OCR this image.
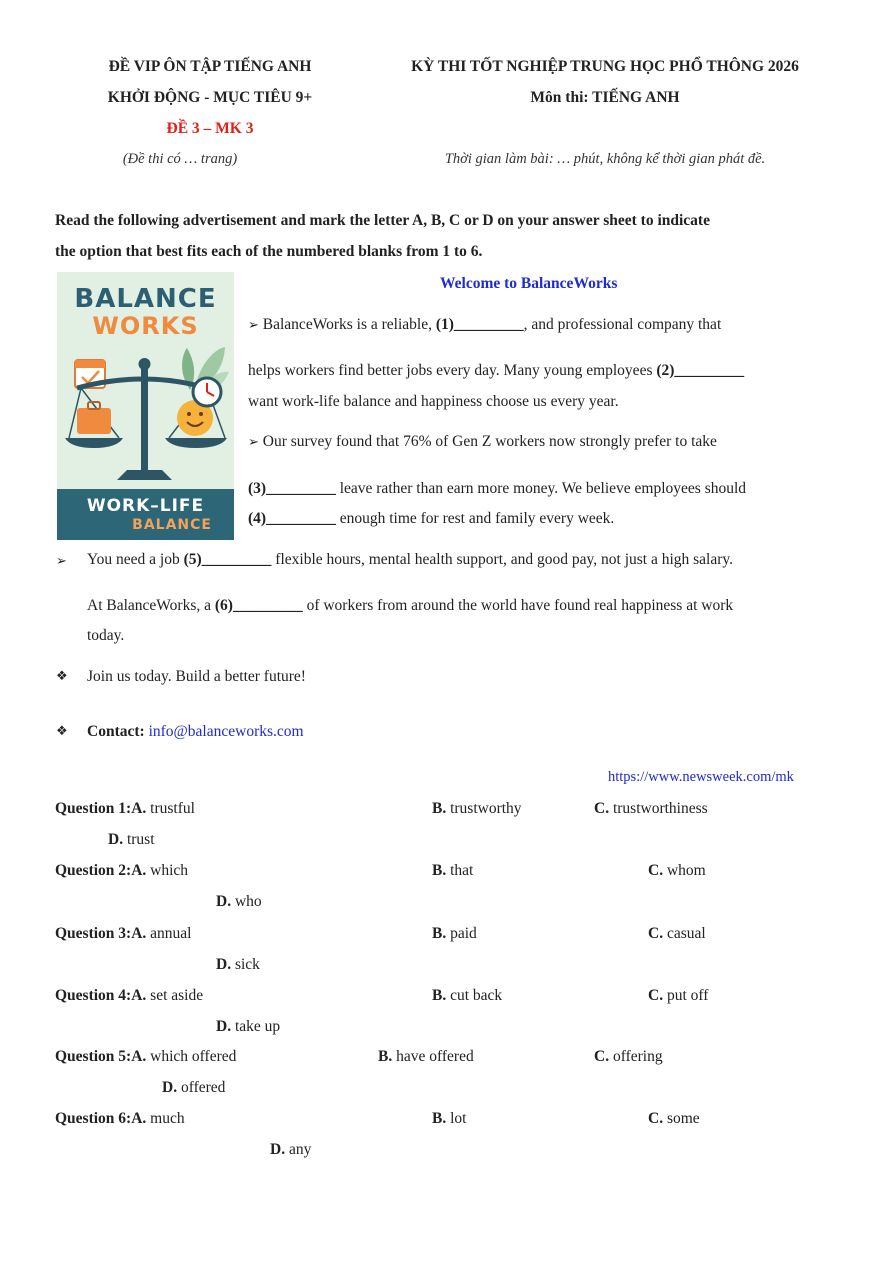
ĐỀ VIP ÔN TẬP TIẾNG ANH
KHỞI ĐỘNG - MỤC TIÊU 9+
ĐỀ 3 – MK 3
(Đề thi có … trang)
KỲ THI TỐT NGHIỆP TRUNG HỌC PHỔ THÔNG 2026
Môn thi: TIẾNG ANH
Thời gian làm bài: … phút, không kể thời gian phát đề.
Read the following advertisement and mark the letter A, B, C or D on your answer sheet to indicate
the option that best fits each of the numbered blanks from 1 to 6.
BALANCE
WORKS
WORK–LIFE
BALANCE
Welcome to BalanceWorks
➢ BalanceWorks is a reliable, (1)_________, and professional company that
helps workers find better jobs every day. Many young employees (2)_________
want work-life balance and happiness choose us every year.
➢ Our survey found that 76% of Gen Z workers now strongly prefer to take
(3)_________ leave rather than earn more money. We believe employees should
(4)_________ enough time for rest and family every week.
➢ You need a job (5)_________ flexible hours, mental health support, and good pay, not just a high salary.
At BalanceWorks, a (6)_________ of workers from around the world have found real happiness at work
today.
❖ Join us today. Build a better future!
❖ Contact: info@balanceworks.com
https://www.newsweek.com/mk
Question 1:A. trustful	B. trustworthy	C. trustworthiness
D. trust
Question 2:A. which	B. that	C. whom
D. who
Question 3:A. annual	B. paid	C. casual
D. sick
Question 4:A. set aside	B. cut back	C. put off
D. take up
Question 5:A. which offered	B. have offered	C. offering
D. offered
Question 6:A. much	B. lot	C. some
D. any
